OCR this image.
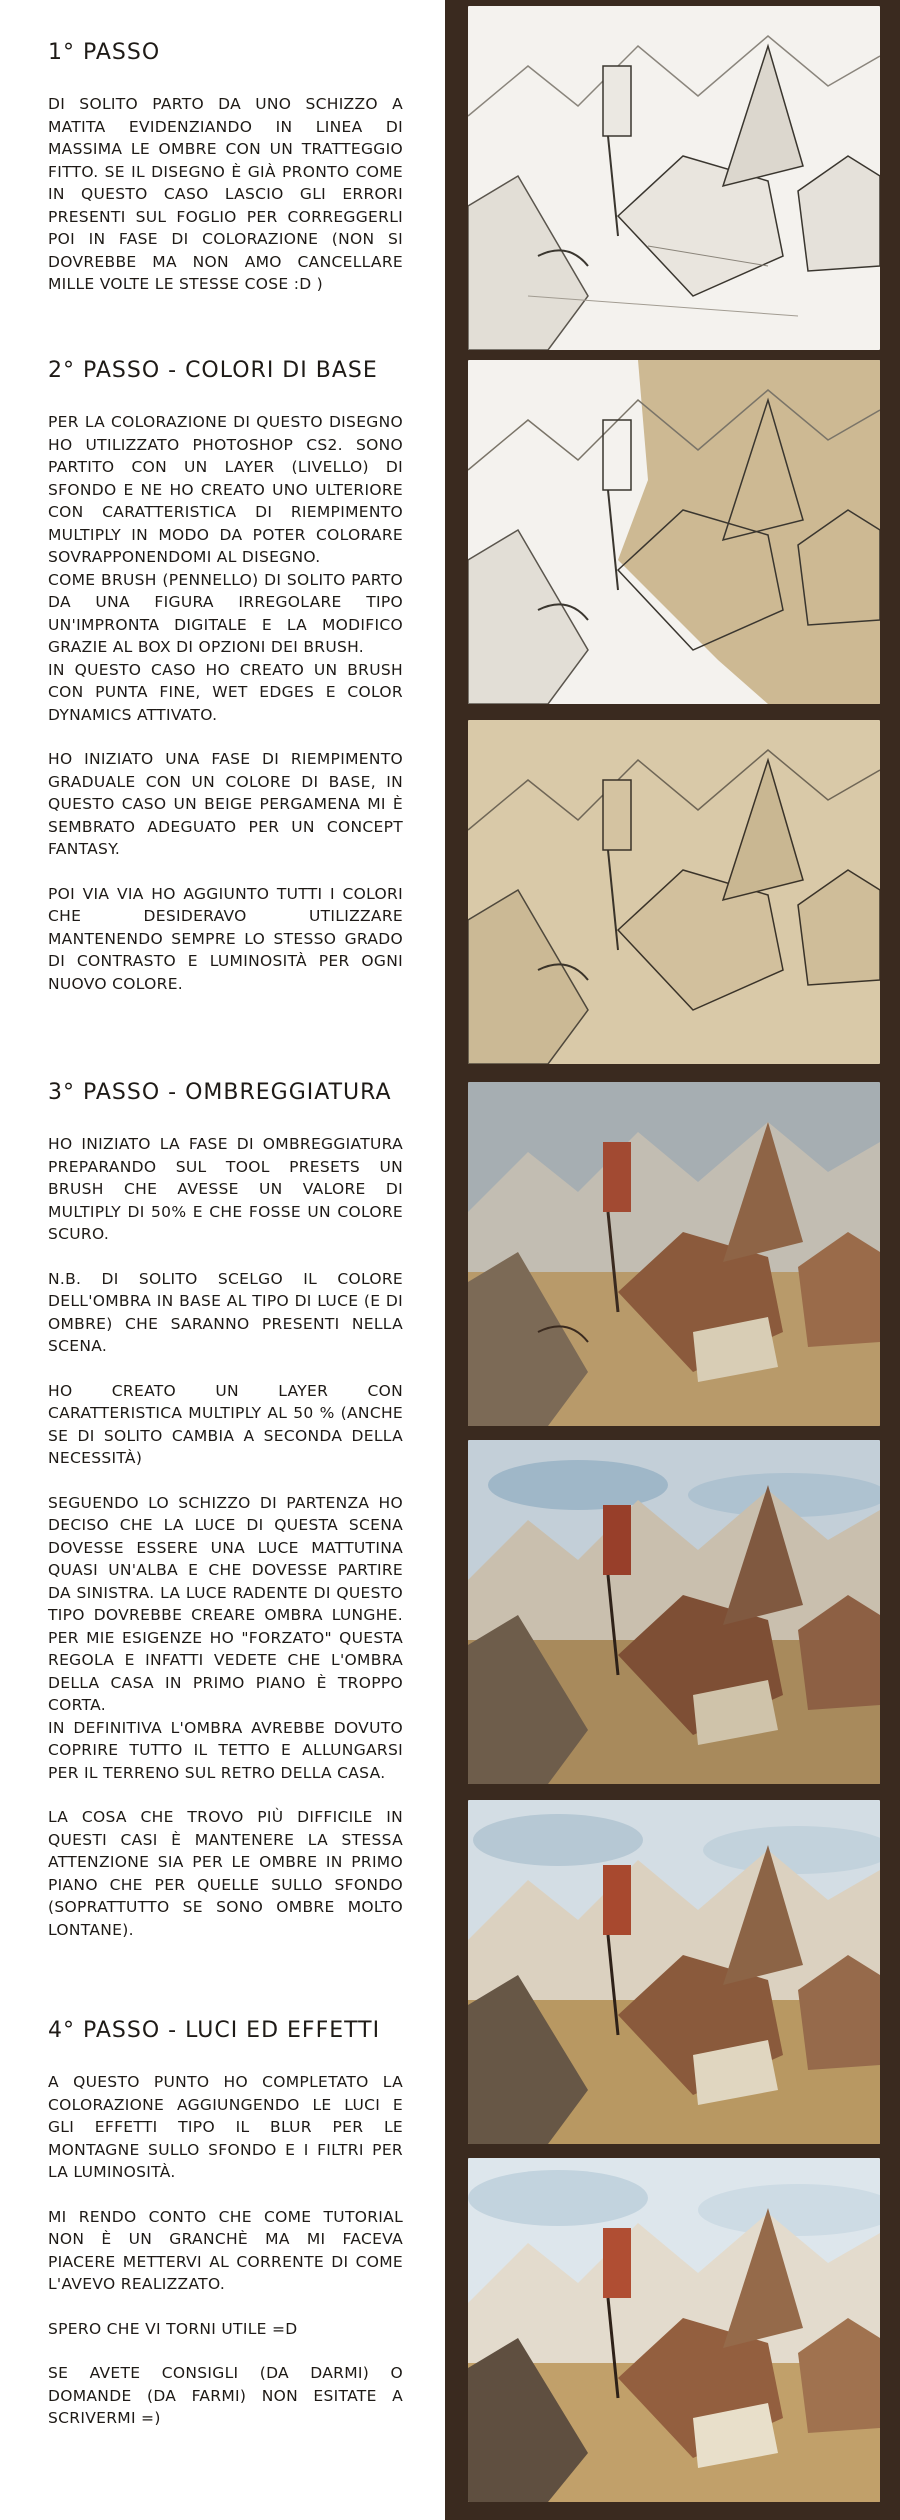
1° PASSO

DI SOLITO PARTO DA UNO SCHIZZO A MATITA EVIDENZIANDO IN LINEA DI MASSIMA LE OMBRE CON UN TRATTEGGIO FITTO. SE IL DISEGNO È GIÀ PRONTO COME IN QUESTO CASO LASCIO GLI ERRORI PRESENTI SUL FOGLIO PER CORREGGERLI POI IN FASE DI COLORAZIONE (NON SI DOVREBBE MA NON AMO CANCELLARE MILLE VOLTE LE STESSE COSE :D )

2° PASSO - COLORI DI BASE

PER LA COLORAZIONE DI QUESTO DISEGNO HO UTILIZZATO PHOTOSHOP CS2. SONO PARTITO CON UN LAYER (LIVELLO) DI SFONDO E NE HO CREATO UNO ULTERIORE CON CARATTERISTICA DI RIEMPIMENTO MULTIPLY IN MODO DA POTER COLORARE SOVRAPPONENDOMI AL DISEGNO.
COME BRUSH (PENNELLO) DI SOLITO PARTO DA UNA FIGURA IRREGOLARE TIPO UN'IMPRONTA DIGITALE E LA MODIFICO GRAZIE AL BOX DI OPZIONI DEI BRUSH.
IN QUESTO CASO HO CREATO UN BRUSH CON PUNTA FINE, WET EDGES E COLOR DYNAMICS ATTIVATO.

HO INIZIATO UNA FASE DI RIEMPIMENTO GRADUALE CON UN COLORE DI BASE, IN QUESTO CASO UN BEIGE PERGAMENA MI È SEMBRATO ADEGUATO PER UN CONCEPT FANTASY.

POI VIA VIA HO AGGIUNTO TUTTI I COLORI CHE DESIDERAVO UTILIZZARE MANTENENDO SEMPRE LO STESSO GRADO DI CONTRASTO E LUMINOSITÀ PER OGNI NUOVO COLORE.

3° PASSO - OMBREGGIATURA

HO INIZIATO LA FASE DI OMBREGGIATURA PREPARANDO SUL TOOL PRESETS UN BRUSH CHE AVESSE UN VALORE DI MULTIPLY DI 50% E CHE FOSSE UN COLORE SCURO.

N.B. DI SOLITO SCELGO IL COLORE DELL'OMBRA IN BASE AL TIPO DI LUCE (E DI OMBRE) CHE SARANNO PRESENTI NELLA SCENA.

HO CREATO UN LAYER CON CARATTERISTICA MULTIPLY AL 50 % (ANCHE SE DI SOLITO CAMBIA A SECONDA DELLA NECESSITÀ)

SEGUENDO LO SCHIZZO DI PARTENZA HO DECISO CHE LA LUCE DI QUESTA SCENA DOVESSE ESSERE UNA LUCE MATTUTINA QUASI UN'ALBA E CHE DOVESSE PARTIRE DA SINISTRA. LA LUCE RADENTE DI QUESTO TIPO DOVREBBE CREARE OMBRA LUNGHE. PER MIE ESIGENZE HO "FORZATO" QUESTA REGOLA E INFATTI VEDETE CHE L'OMBRA DELLA CASA IN PRIMO PIANO È TROPPO CORTA.
IN DEFINITIVA L'OMBRA AVREBBE DOVUTO COPRIRE TUTTO IL TETTO E ALLUNGARSI PER IL TERRENO SUL RETRO DELLA CASA.

LA COSA CHE TROVO PIÙ DIFFICILE IN QUESTI CASI È MANTENERE LA STESSA ATTENZIONE SIA PER LE OMBRE IN PRIMO PIANO CHE PER QUELLE SULLO SFONDO (SOPRATTUTTO SE SONO OMBRE MOLTO LONTANE).

4° PASSO - LUCI ED EFFETTI

A QUESTO PUNTO HO COMPLETATO LA COLORAZIONE AGGIUNGENDO LE LUCI E GLI EFFETTI TIPO IL BLUR PER LE MONTAGNE SULLO SFONDO E I FILTRI PER LA LUMINOSITÀ.

MI RENDO CONTO CHE COME TUTORIAL NON È UN GRANCHÈ MA MI FACEVA PIACERE METTERVI AL CORRENTE DI COME L'AVEVO REALIZZATO.

SPERO CHE VI TORNI UTILE =D

SE AVETE CONSIGLI (DA DARMI) O DOMANDE (DA FARMI) NON ESITATE A SCRIVERMI =)
